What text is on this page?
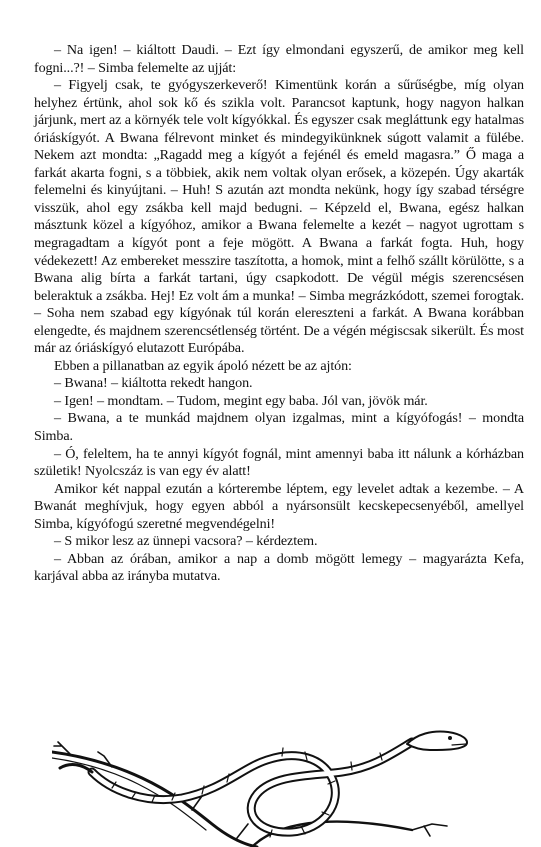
– Na igen! – kiáltott Daudi. – Ezt így elmondani egyszerű, de amikor meg kell fogni...?! – Simba felemelte az ujját:

– Figyelj csak, te gyógyszerkeverő! Kimentünk korán a sűrűségbe, míg olyan helyhez értünk, ahol sok kő és szikla volt. Parancsot kaptunk, hogy nagyon halkan járjunk, mert az a környék tele volt kígyókkal. És egyszer csak megláttunk egy hatalmas óriáskígyót. A Bwana félrevont minket és mindegyikünknek súgott valamit a fülébe. Nekem azt mondta: „Ragadd meg a kígyót a fejénél és emeld magasra.” Ő maga a farkát akarta fogni, s a többiek, akik nem voltak olyan erősek, a közepén. Úgy akarták felemelni és kinyújtani. – Huh! S azután azt mondta nekünk, hogy így szabad térségre visszük, ahol egy zsákba kell majd bedugni. – Képzeld el, Bwana, egész halkan másztunk közel a kígyóhoz, amikor a Bwana felemelte a kezét – nagyot ugrottam s megragadtam a kígyót pont a feje mögött. A Bwana a farkát fogta. Huh, hogy védekezett! Az embereket messzire taszította, a homok, mint a felhő szállt körülötte, s a Bwana alig bírta a farkát tartani, úgy csapkodott. De végül mégis szerencsésen beleraktuk a zsákba. Hej! Ez volt ám a munka! – Simba megrázkódott, szemei forogtak. – Soha nem szabad egy kígyónak túl korán elereszteni a farkát. A Bwana korábban elengedte, és majdnem szerencsétlenség történt. De a végén mégiscsak sikerült. És most már az óriáskígyó elutazott Európába.

Ebben a pillanatban az egyik ápoló nézett be az ajtón:

– Bwana! – kiáltotta rekedt hangon.

– Igen! – mondtam. – Tudom, megint egy baba. Jól van, jövök már.

– Bwana, a te munkád majdnem olyan izgalmas, mint a kígyófogás! – mondta Simba.

– Ó, feleltem, ha te annyi kígyót fognál, mint amennyi baba itt nálunk a kórházban születik! Nyolcszáz is van egy év alatt!

Amikor két nappal ezután a kórterembe léptem, egy levelet adtak a kezembe. – A Bwanát meghívjuk, hogy egyen abból a nyársonsült kecskepecsenyéből, amellyel Simba, kígyófogú szeretné megvendégelni!

– S mikor lesz az ünnepi vacsora? – kérdeztem.

– Abban az órában, amikor a nap a domb mögött lemegy – magyarázta Kefa, karjával abba az irányba mutatva.
